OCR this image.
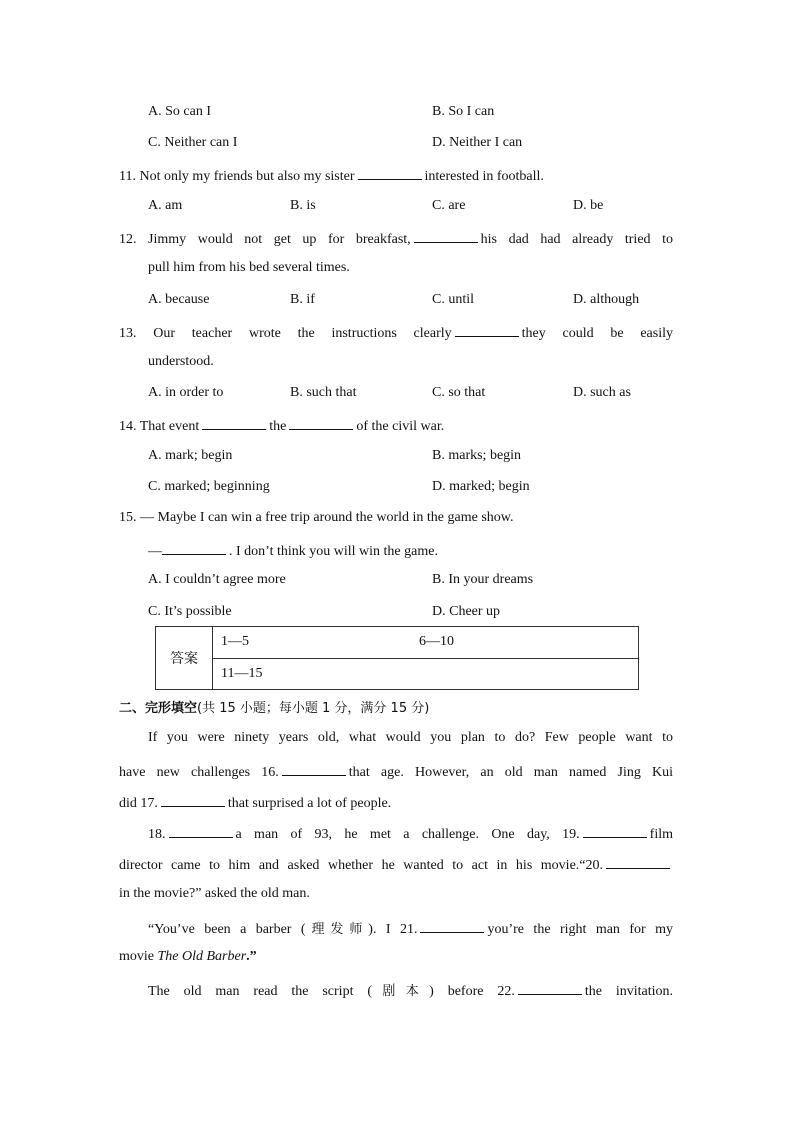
A. So can I	B. So I can
C. Neither can I	D. Neither I can
11. Not only my friends but also my sister	interested in football.
A. am	B. is	C. are	D. be
12. Jimmy would not get up for breakfast,	his dad had already tried to
pull him from his bed several times.
A. because	B. if	C. until	D. although
13. Our teacher wrote the instructions clearly	they could be easily
understood.
A. in order to	B. such that	C. so that	D. such as
14. That event	the	of the civil war.
A. mark; begin	B. marks; begin
C. marked; beginning	D. marked; begin
15. — Maybe I can win a free trip around the world in the game show.
—	. I don’t think you will win the game.
A. I couldn’t agree more	B. In your dreams
C. It’s possible	D. Cheer up
答案	1—5	6—10
11—15
二、完形填空(共 15 小题；每小题 1 分，满分 15 分)
If you were ninety years old, what would you plan to do? Few people want to
have new challenges 16.	that age. However, an old man named Jing Kui
did 17.	that surprised a lot of people.
18.	a man of 93, he met a challenge. One day, 19.	film
director came to him and asked whether he wanted to act in his movie.“20.
in the movie?” asked the old man.
“You’ve been a barber (理发师). I 21.	you’re the right man for my
movie The Old Barber.”
The old man read the script (剧本) before 22.	the invitation.
